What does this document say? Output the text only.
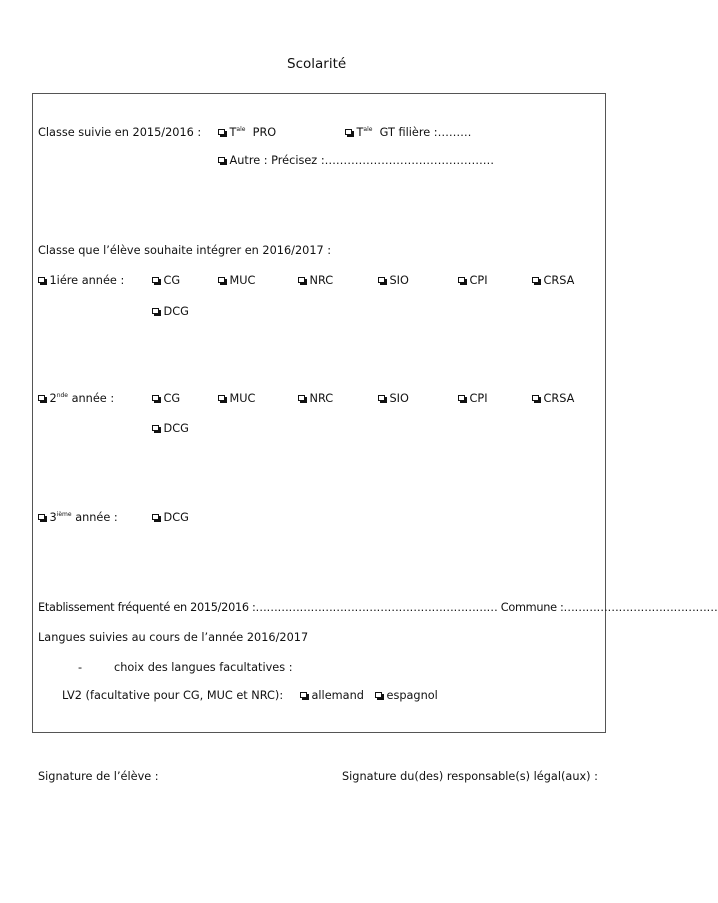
Scolarité
Classe suivie en 2015/2016 :	$T^{ale}$ PRO	$T^{ale}$ GT filière :………
Autre : Précisez :………………………………………
Classe que l’élève souhaite intégrer en 2016/2017 :
1iére année :	CG	MUC	NRC	SIO	CPI	CRSA
DCG
2nde année :	CG	MUC	NRC	SIO	CPI	CRSA
DCG
3ième année :	DCG
Etablissement fréquenté en 2015/2016 :………………………………………………………… Commune :……………………………………
Langues suivies au cours de l’année 2016/2017
-	choix des langues facultatives :
LV2 (facultative pour CG, MUC et NRC):	allemand	espagnol
Signature de l’élève :	Signature du(des) responsable(s) légal(aux) :
